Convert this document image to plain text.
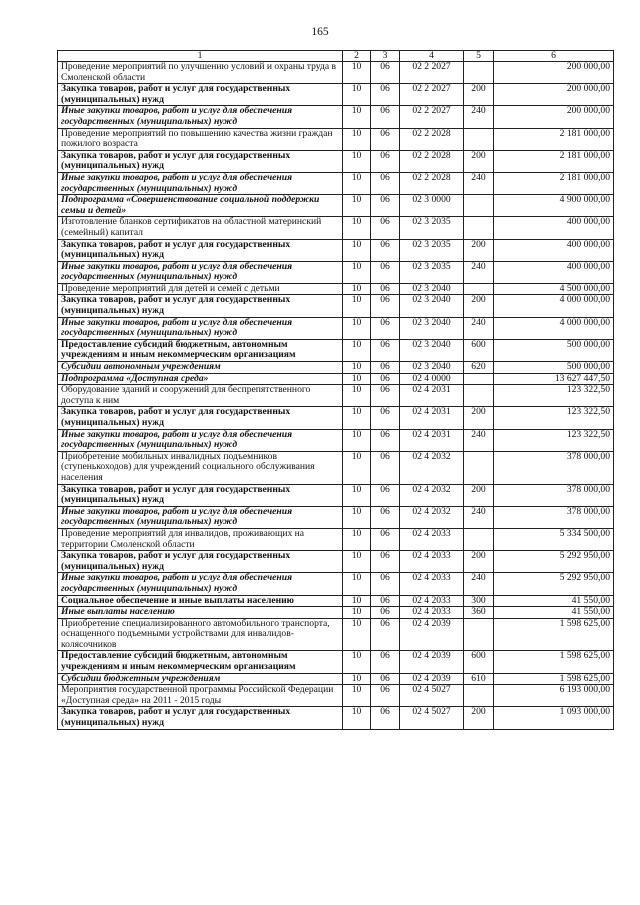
165
1	2	3	4	5	6
Проведение мероприятий по улучшению условий и охраны труда в Смоленской области	10	06	02 2 2027		200 000,00
Закупка товаров, работ и услуг для государственных (муниципальных) нужд	10	06	02 2 2027	200	200 000,00
Иные закупки товаров, работ и услуг для обеспечения государственных (муниципальных) нужд	10	06	02 2 2027	240	200 000,00
Проведение мероприятий по повышению качества жизни граждан пожилого возраста	10	06	02 2 2028		2 181 000,00
Закупка товаров, работ и услуг для государственных (муниципальных) нужд	10	06	02 2 2028	200	2 181 000,00
Иные закупки товаров, работ и услуг для обеспечения государственных (муниципальных) нужд	10	06	02 2 2028	240	2 181 000,00
Подпрограмма «Совершенствование социальной поддержки семьи и детей»	10	06	02 3 0000		4 900 000,00
Изготовление бланков сертификатов на областной материнский (семейный) капитал	10	06	02 3 2035		400 000,00
Закупка товаров, работ и услуг для государственных (муниципальных) нужд	10	06	02 3 2035	200	400 000,00
Иные закупки товаров, работ и услуг для обеспечения государственных (муниципальных) нужд	10	06	02 3 2035	240	400 000,00
Проведение мероприятий для детей и семей с детьми	10	06	02 3 2040		4 500 000,00
Закупка товаров, работ и услуг для государственных (муниципальных) нужд	10	06	02 3 2040	200	4 000 000,00
Иные закупки товаров, работ и услуг для обеспечения государственных (муниципальных) нужд	10	06	02 3 2040	240	4 000 000,00
Предоставление субсидий бюджетным, автономным учреждениям и иным некоммерческим организациям	10	06	02 3 2040	600	500 000,00
Субсидии автономным учреждениям	10	06	02 3 2040	620	500 000,00
Подпрограмма «Доступная среда»	10	06	02 4 0000		13 627 447,50
Оборудование зданий и сооружений для беспрепятственного доступа к ним	10	06	02 4 2031		123 322,50
Закупка товаров, работ и услуг для государственных (муниципальных) нужд	10	06	02 4 2031	200	123 322,50
Иные закупки товаров, работ и услуг для обеспечения государственных (муниципальных) нужд	10	06	02 4 2031	240	123 322,50
Приобретение мобильных инвалидных подъемников (ступенькоходов) для учреждений социального обслуживания населения	10	06	02 4 2032		378 000,00
Закупка товаров, работ и услуг для государственных (муниципальных) нужд	10	06	02 4 2032	200	378 000,00
Иные закупки товаров, работ и услуг для обеспечения государственных (муниципальных) нужд	10	06	02 4 2032	240	378 000,00
Проведение мероприятий для инвалидов, проживающих на территории Смоленской области	10	06	02 4 2033		5 334 500,00
Закупка товаров, работ и услуг для государственных (муниципальных) нужд	10	06	02 4 2033	200	5 292 950,00
Иные закупки товаров, работ и услуг для обеспечения государственных (муниципальных) нужд	10	06	02 4 2033	240	5 292 950,00
Социальное обеспечение и иные выплаты населению	10	06	02 4 2033	300	41 550,00
Иные выплаты населению	10	06	02 4 2033	360	41 550,00
Приобретение специализированного автомобильного транспорта, оснащенного подъемными устройствами для инвалидов-колясочников	10	06	02 4 2039		1 598 625,00
Предоставление субсидий бюджетным, автономным учреждениям и иным некоммерческим организациям	10	06	02 4 2039	600	1 598 625,00
Субсидии бюджетным учреждениям	10	06	02 4 2039	610	1 598 625,00
Мероприятия государственной программы Российской Федерации «Доступная среда» на 2011 - 2015 годы	10	06	02 4 5027		6 193 000,00
Закупка товаров, работ и услуг для государственных (муниципальных) нужд	10	06	02 4 5027	200	1 093 000,00
